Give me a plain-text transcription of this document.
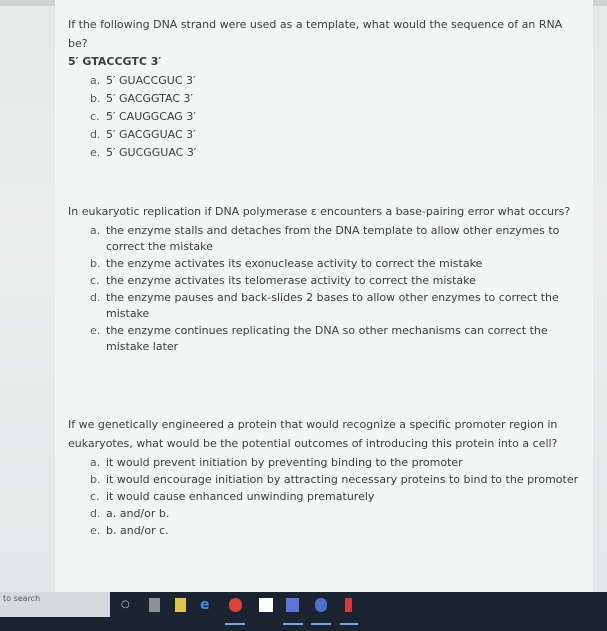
If the following DNA strand were used as a template, what would the sequence of an RNA be?

5′ GTACCGTC 3′

a. 5′ GUACCGUC 3′
b. 5′ GACGGTAC 3′
c. 5′ CAUGGCAG 3′
d. 5′ GACGGUAC 3′
e. 5′ GUCGGUAC 3′

In eukaryotic replication if DNA polymerase ε encounters a base-pairing error what occurs?

a. the enzyme stalls and detaches from the DNA template to allow other enzymes to correct the mistake
b. the enzyme activates its exonuclease activity to correct the mistake
c. the enzyme activates its telomerase activity to correct the mistake
d. the enzyme pauses and back-slides 2 bases to allow other enzymes to correct the mistake
e. the enzyme continues replicating the DNA so other mechanisms can correct the mistake later

If we genetically engineered a protein that would recognize a specific promoter region in eukaryotes, what would be the potential outcomes of introducing this protein into a cell?

a. it would prevent initiation by preventing binding to the promoter
b. it would encourage initiation by attracting necessary proteins to bind to the promoter
c. it would cause enhanced unwinding prematurely
d. a. and/or b.
e. b. and/or c.
to search
○	e
